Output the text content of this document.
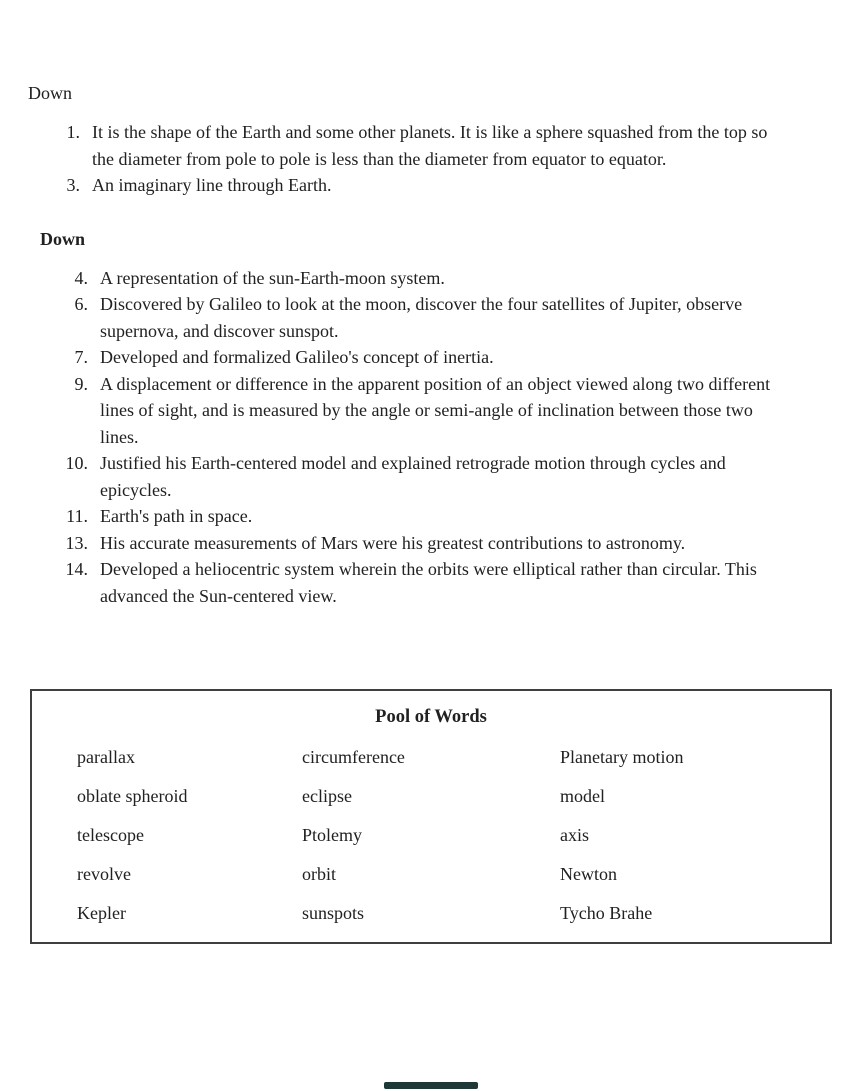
Down
1. It is the shape of the Earth and some other planets. It is like a sphere squashed from the top so the diameter from pole to pole is less than the diameter from equator to equator.
3. An imaginary line through Earth.
Down
4. A representation of the sun-Earth-moon system.
6. Discovered by Galileo to look at the moon, discover the four satellites of Jupiter, observe supernova, and discover sunspot.
7. Developed and formalized Galileo's concept of inertia.
9. A displacement or difference in the apparent position of an object viewed along two different lines of sight, and is measured by the angle or semi-angle of inclination between those two lines.
10. Justified his Earth-centered model and explained retrograde motion through cycles and epicycles.
11. Earth's path in space.
13. His accurate measurements of Mars were his greatest contributions to astronomy.
14. Developed a heliocentric system wherein the orbits were elliptical rather than circular. This advanced the Sun-centered view.
Pool of Words
parallax	circumference	Planetary motion
oblate spheroid	eclipse	model
telescope	Ptolemy	axis
revolve	orbit	Newton
Kepler	sunspots	Tycho Brahe
